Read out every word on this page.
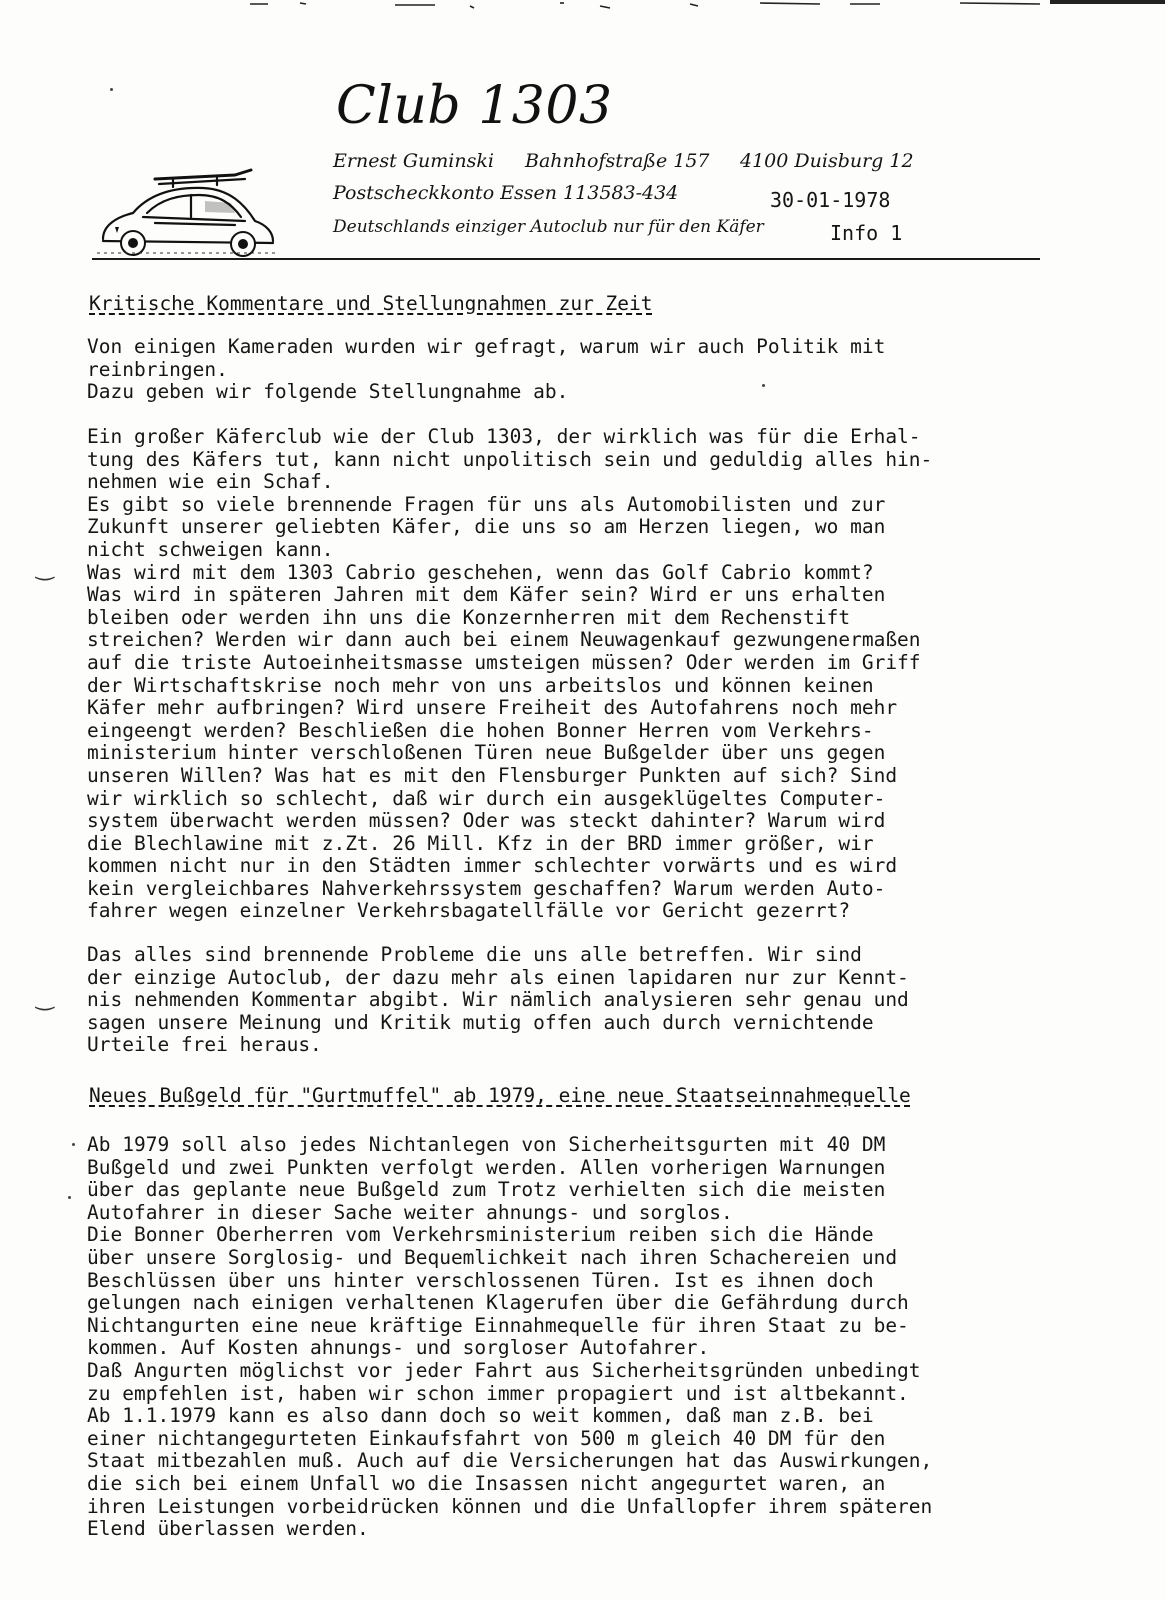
Club 1303
Ernest Guminski Bahnhofstraße 157 4100 Duisburg 12
Postscheckkonto Essen 113583-434	30-01-1978
Deutschlands einziger Autoclub nur für den Käfer	Info 1
Kritische Kommentare und Stellungnahmen zur Zeit

Von einigen Kameraden wurden wir gefragt, warum wir auch Politik mit
reinbringen.
Dazu geben wir folgende Stellungnahme ab.

Ein großer Käferclub wie der Club 1303, der wirklich was für die Erhal-
tung des Käfers tut, kann nicht unpolitisch sein und geduldig alles hin-
nehmen wie ein Schaf.
Es gibt so viele brennende Fragen für uns als Automobilisten und zur
Zukunft unserer geliebten Käfer, die uns so am Herzen liegen, wo man
nicht schweigen kann.
Was wird mit dem 1303 Cabrio geschehen, wenn das Golf Cabrio kommt?
Was wird in späteren Jahren mit dem Käfer sein? Wird er uns erhalten
bleiben oder werden ihn uns die Konzernherren mit dem Rechenstift
streichen? Werden wir dann auch bei einem Neuwagenkauf gezwungenermaßen
auf die triste Autoeinheitsmasse umsteigen müssen? Oder werden im Griff
der Wirtschaftskrise noch mehr von uns arbeitslos und können keinen
Käfer mehr aufbringen? Wird unsere Freiheit des Autofahrens noch mehr
eingeengt werden? Beschließen die hohen Bonner Herren vom Verkehrs-
ministerium hinter verschloßenen Türen neue Bußgelder über uns gegen
unseren Willen? Was hat es mit den Flensburger Punkten auf sich? Sind
wir wirklich so schlecht, daß wir durch ein ausgeklügeltes Computer-
system überwacht werden müssen? Oder was steckt dahinter? Warum wird
die Blechlawine mit z.Zt. 26 Mill. Kfz in der BRD immer größer, wir
kommen nicht nur in den Städten immer schlechter vorwärts und es wird
kein vergleichbares Nahverkehrssystem geschaffen? Warum werden Auto-
fahrer wegen einzelner Verkehrsbagatellfälle vor Gericht gezerrt?

Das alles sind brennende Probleme die uns alle betreffen. Wir sind
der einzige Autoclub, der dazu mehr als einen lapidaren nur zur Kennt-
nis nehmenden Kommentar abgibt. Wir nämlich analysieren sehr genau und
sagen unsere Meinung und Kritik mutig offen auch durch vernichtende
Urteile frei heraus.

Neues Bußgeld für "Gurtmuffel" ab 1979, eine neue Staatseinnahmequelle

Ab 1979 soll also jedes Nichtanlegen von Sicherheitsgurten mit 40 DM
Bußgeld und zwei Punkten verfolgt werden. Allen vorherigen Warnungen
über das geplante neue Bußgeld zum Trotz verhielten sich die meisten
Autofahrer in dieser Sache weiter ahnungs- und sorglos.
Die Bonner Oberherren vom Verkehrsministerium reiben sich die Hände
über unsere Sorglosig- und Bequemlichkeit nach ihren Schachereien und
Beschlüssen über uns hinter verschlossenen Türen. Ist es ihnen doch
gelungen nach einigen verhaltenen Klagerufen über die Gefährdung durch
Nichtangurten eine neue kräftige Einnahmequelle für ihren Staat zu be-
kommen. Auf Kosten ahnungs- und sorgloser Autofahrer.
Daß Angurten möglichst vor jeder Fahrt aus Sicherheitsgründen unbedingt
zu empfehlen ist, haben wir schon immer propagiert und ist altbekannt.
Ab 1.1.1979 kann es also dann doch so weit kommen, daß man z.B. bei
einer nichtangegurteten Einkaufsfahrt von 500 m gleich 40 DM für den
Staat mitbezahlen muß. Auch auf die Versicherungen hat das Auswirkungen,
die sich bei einem Unfall wo die Insassen nicht angegurtet waren, an
ihren Leistungen vorbeidrücken können und die Unfallopfer ihrem späteren
Elend überlassen werden.

‿
‿
